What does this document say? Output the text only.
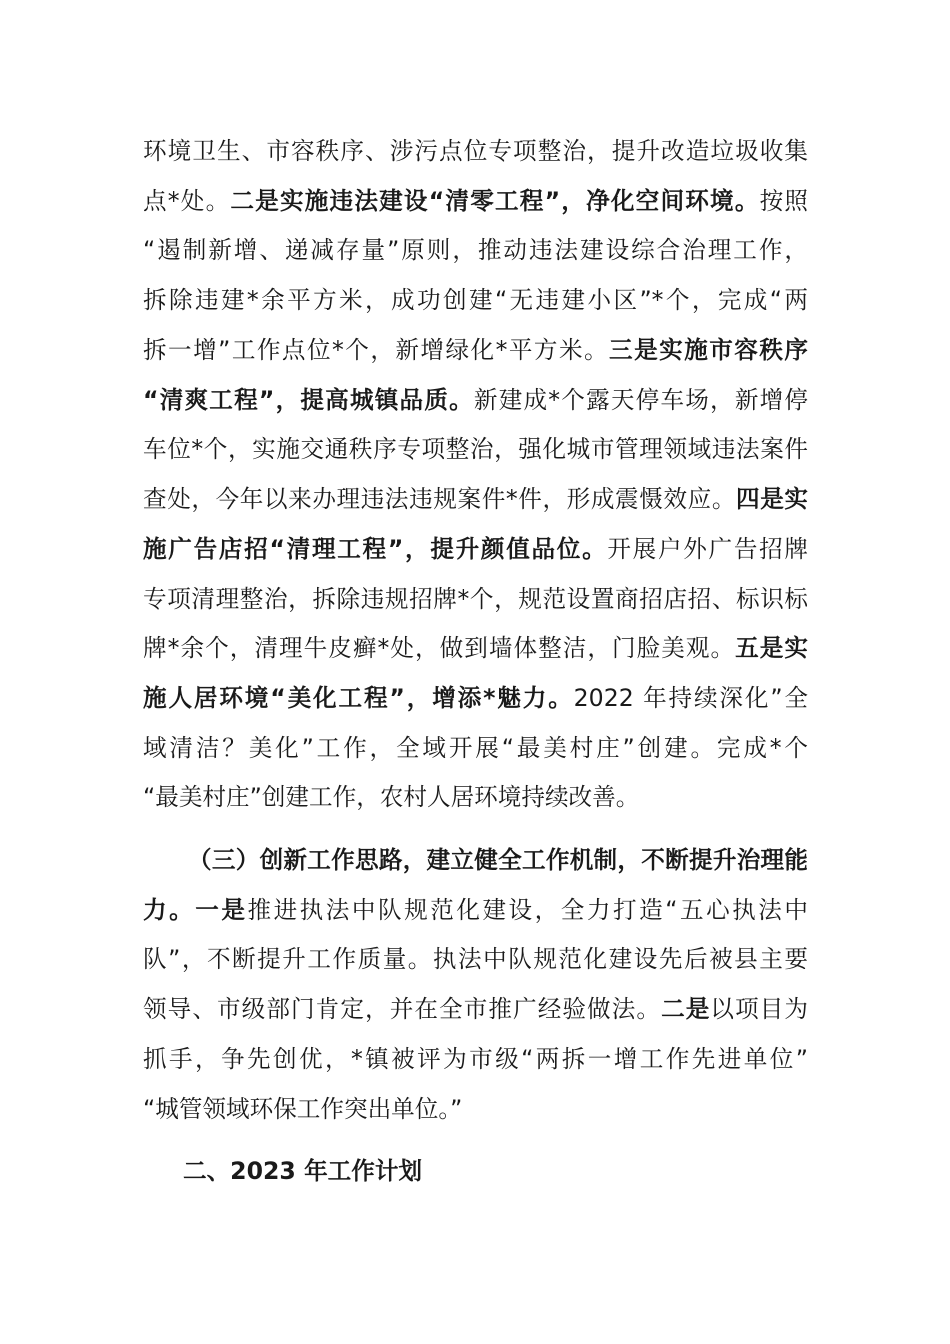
环境卫生、市容秩序、涉污点位专项整治，提升改造垃圾收集
点*处。二是实施违法建设“清零工程”，净化空间环境。按照
“遏制新增、递减存量”原则，推动违法建设综合治理工作，
拆除违建*余平方米，成功创建“无违建小区”*个，完成“两
拆一增”工作点位*个，新增绿化*平方米。三是实施市容秩序
“清爽工程”，提高城镇品质。新建成*个露天停车场，新增停
车位*个，实施交通秩序专项整治，强化城市管理领域违法案件
查处，今年以来办理违法违规案件*件，形成震慑效应。四是实
施广告店招“清理工程”，提升颜值品位。开展户外广告招牌
专项清理整治，拆除违规招牌*个，规范设置商招店招、标识标
牌*余个，清理牛皮癣*处，做到墙体整洁，门脸美观。五是实
施人居环境“美化工程”，增添*魅力。2022 年持续深化”全
域清洁？美化”工作，全域开展“最美村庄”创建。完成*个
“最美村庄”创建工作，农村人居环境持续改善。
（三）创新工作思路，建立健全工作机制，不断提升治理能
力。一是推进执法中队规范化建设，全力打造“五心执法中
队”，不断提升工作质量。执法中队规范化建设先后被县主要
领导、市级部门肯定，并在全市推广经验做法。二是以项目为
抓手，争先创优，*镇被评为市级“两拆一增工作先进单位”
“城管领域环保工作突出单位。”
二、2023 年工作计划
